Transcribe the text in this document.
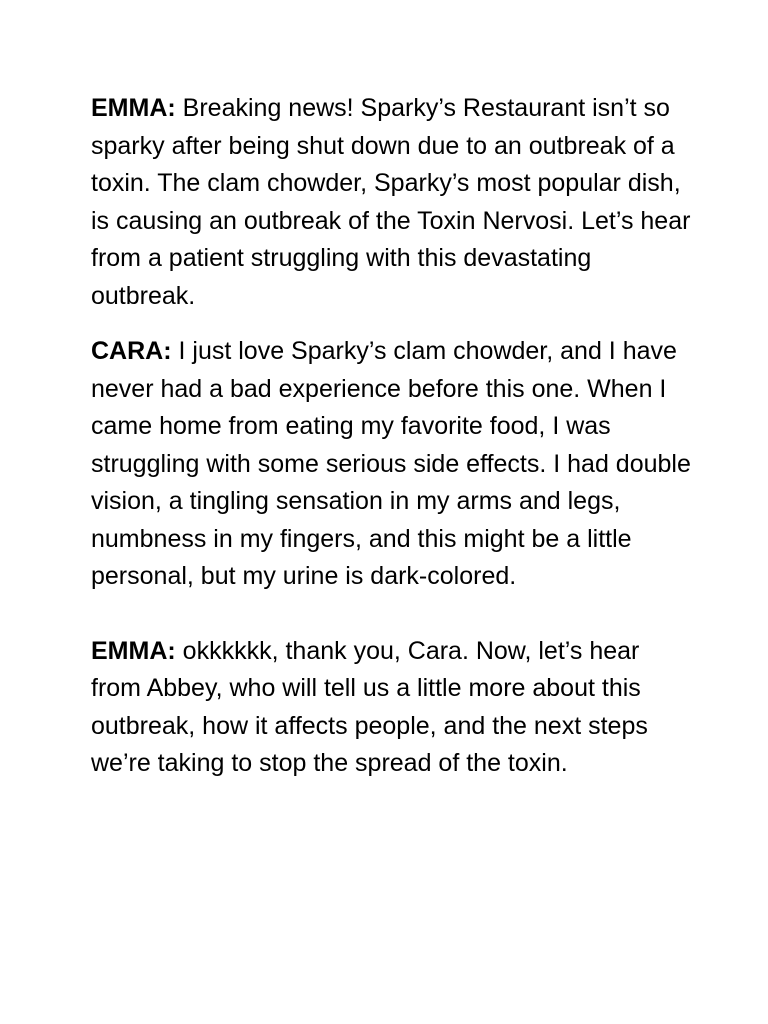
EMMA: Breaking news! Sparky’s Restaurant isn’t so sparky after being shut down due to an outbreak of a toxin. The clam chowder, Sparky’s most popular dish, is causing an outbreak of the Toxin Nervosi. Let’s hear from a patient struggling with this devastating outbreak.

CARA: I just love Sparky’s clam chowder, and I have never had a bad experience before this one. When I came home from eating my favorite food, I was struggling with some serious side effects. I had double vision, a tingling sensation in my arms and legs, numbness in my fingers, and this might be a little personal, but my urine is dark-colored.

EMMA: okkkkkk, thank you, Cara. Now, let’s hear from Abbey, who will tell us a little more about this outbreak, how it affects people, and the next steps we’re taking to stop the spread of the toxin.
